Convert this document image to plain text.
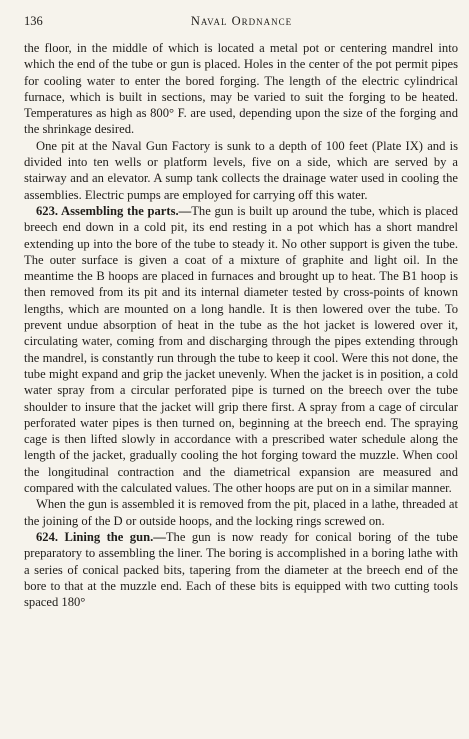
136	Naval Ordnance

the floor, in the middle of which is located a metal pot or centering mandrel into which the end of the tube or gun is placed. Holes in the center of the pot permit pipes for cooling water to enter the bored forging. The length of the electric cylindrical furnace, which is built in sections, may be varied to suit the forging to be heated. Temperatures as high as 800° F. are used, depending upon the size of the forging and the shrinkage desired.

One pit at the Naval Gun Factory is sunk to a depth of 100 feet (Plate IX) and is divided into ten wells or platform levels, five on a side, which are served by a stairway and an elevator. A sump tank collects the drainage water used in cooling the assemblies. Electric pumps are employed for carrying off this water.

623. Assembling the parts.—The gun is built up around the tube, which is placed breech end down in a cold pit, its end resting in a pot which has a short mandrel extending up into the bore of the tube to steady it. No other support is given the tube. The outer surface is given a coat of a mixture of graphite and light oil. In the meantime the B hoops are placed in furnaces and brought up to heat. The B1 hoop is then removed from its pit and its internal diameter tested by cross-points of known lengths, which are mounted on a long handle. It is then lowered over the tube. To prevent undue absorption of heat in the tube as the hot jacket is lowered over it, circulating water, coming from and discharging through the pipes extending through the mandrel, is constantly run through the tube to keep it cool. Were this not done, the tube might expand and grip the jacket unevenly. When the jacket is in position, a cold water spray from a circular perforated pipe is turned on the breech over the tube shoulder to insure that the jacket will grip there first. A spray from a cage of circular perforated water pipes is then turned on, beginning at the breech end. The spraying cage is then lifted slowly in accordance with a prescribed water schedule along the length of the jacket, gradually cooling the hot forging toward the muzzle. When cool the longitudinal contraction and the diametrical expansion are measured and compared with the calculated values. The other hoops are put on in a similar manner.

When the gun is assembled it is removed from the pit, placed in a lathe, threaded at the joining of the D or outside hoops, and the locking rings screwed on.

624. Lining the gun.—The gun is now ready for conical boring of the tube preparatory to assembling the liner. The boring is accomplished in a boring lathe with a series of conical packed bits, tapering from the diameter at the breech end of the bore to that at the muzzle end. Each of these bits is equipped with two cutting tools spaced 180°
